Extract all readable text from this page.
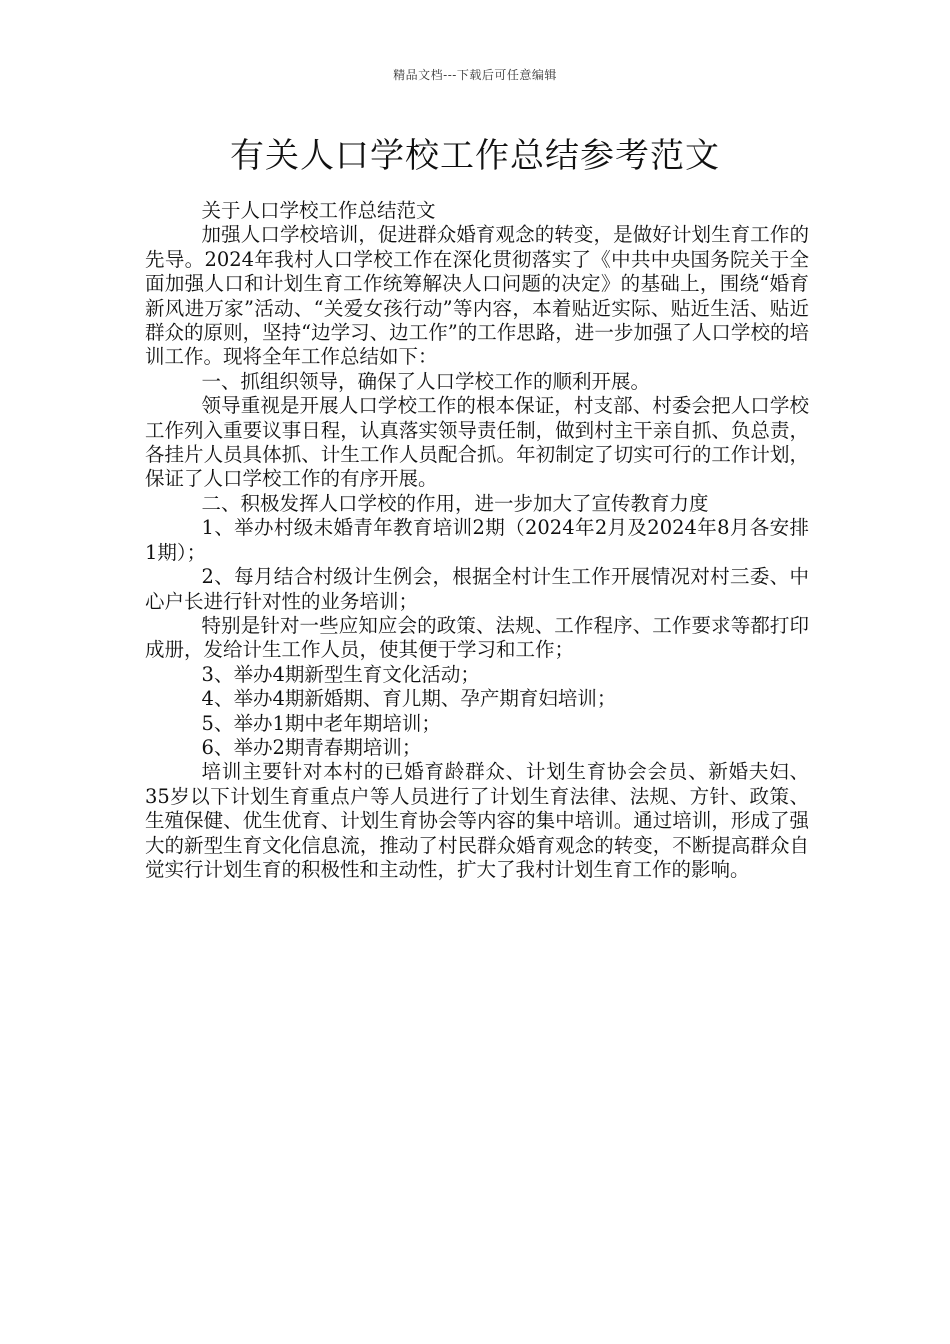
精品文档---下载后可任意编辑
有关人口学校工作总结参考范文

关于人口学校工作总结范文

加强人口学校培训，促进群众婚育观念的转变，是做好计划生育工作的先导。2024年我村人口学校工作在深化贯彻落实了《中共中央国务院关于全面加强人口和计划生育工作统筹解决人口问题的决定》的基础上，围绕“婚育新风进万家”活动、“关爱女孩行动”等内容，本着贴近实际、贴近生活、贴近群众的原则，坚持“边学习、边工作”的工作思路，进一步加强了人口学校的培训工作。现将全年工作总结如下：

一、抓组织领导，确保了人口学校工作的顺利开展。

领导重视是开展人口学校工作的根本保证，村支部、村委会把人口学校工作列入重要议事日程，认真落实领导责任制，做到村主干亲自抓、负总责，各挂片人员具体抓、计生工作人员配合抓。年初制定了切实可行的工作计划，保证了人口学校工作的有序开展。

二、积极发挥人口学校的作用，进一步加大了宣传教育力度

1、举办村级未婚青年教育培训2期（2024年2月及2024年8月各安排1期）；

2、每月结合村级计生例会，根据全村计生工作开展情况对村三委、中心户长进行针对性的业务培训；

特别是针对一些应知应会的政策、法规、工作程序、工作要求等都打印成册，发给计生工作人员，使其便于学习和工作；

3、举办4期新型生育文化活动；

4、举办4期新婚期、育儿期、孕产期育妇培训；

5、举办1期中老年期培训；

6、举办2期青春期培训；

培训主要针对本村的已婚育龄群众、计划生育协会会员、新婚夫妇、35岁以下计划生育重点户等人员进行了计划生育法律、法规、方针、政策、生殖保健、优生优育、计划生育协会等内容的集中培训。通过培训，形成了强大的新型生育文化信息流，推动了村民群众婚育观念的转变，不断提高群众自觉实行计划生育的积极性和主动性，扩大了我村计划生育工作的影响。
